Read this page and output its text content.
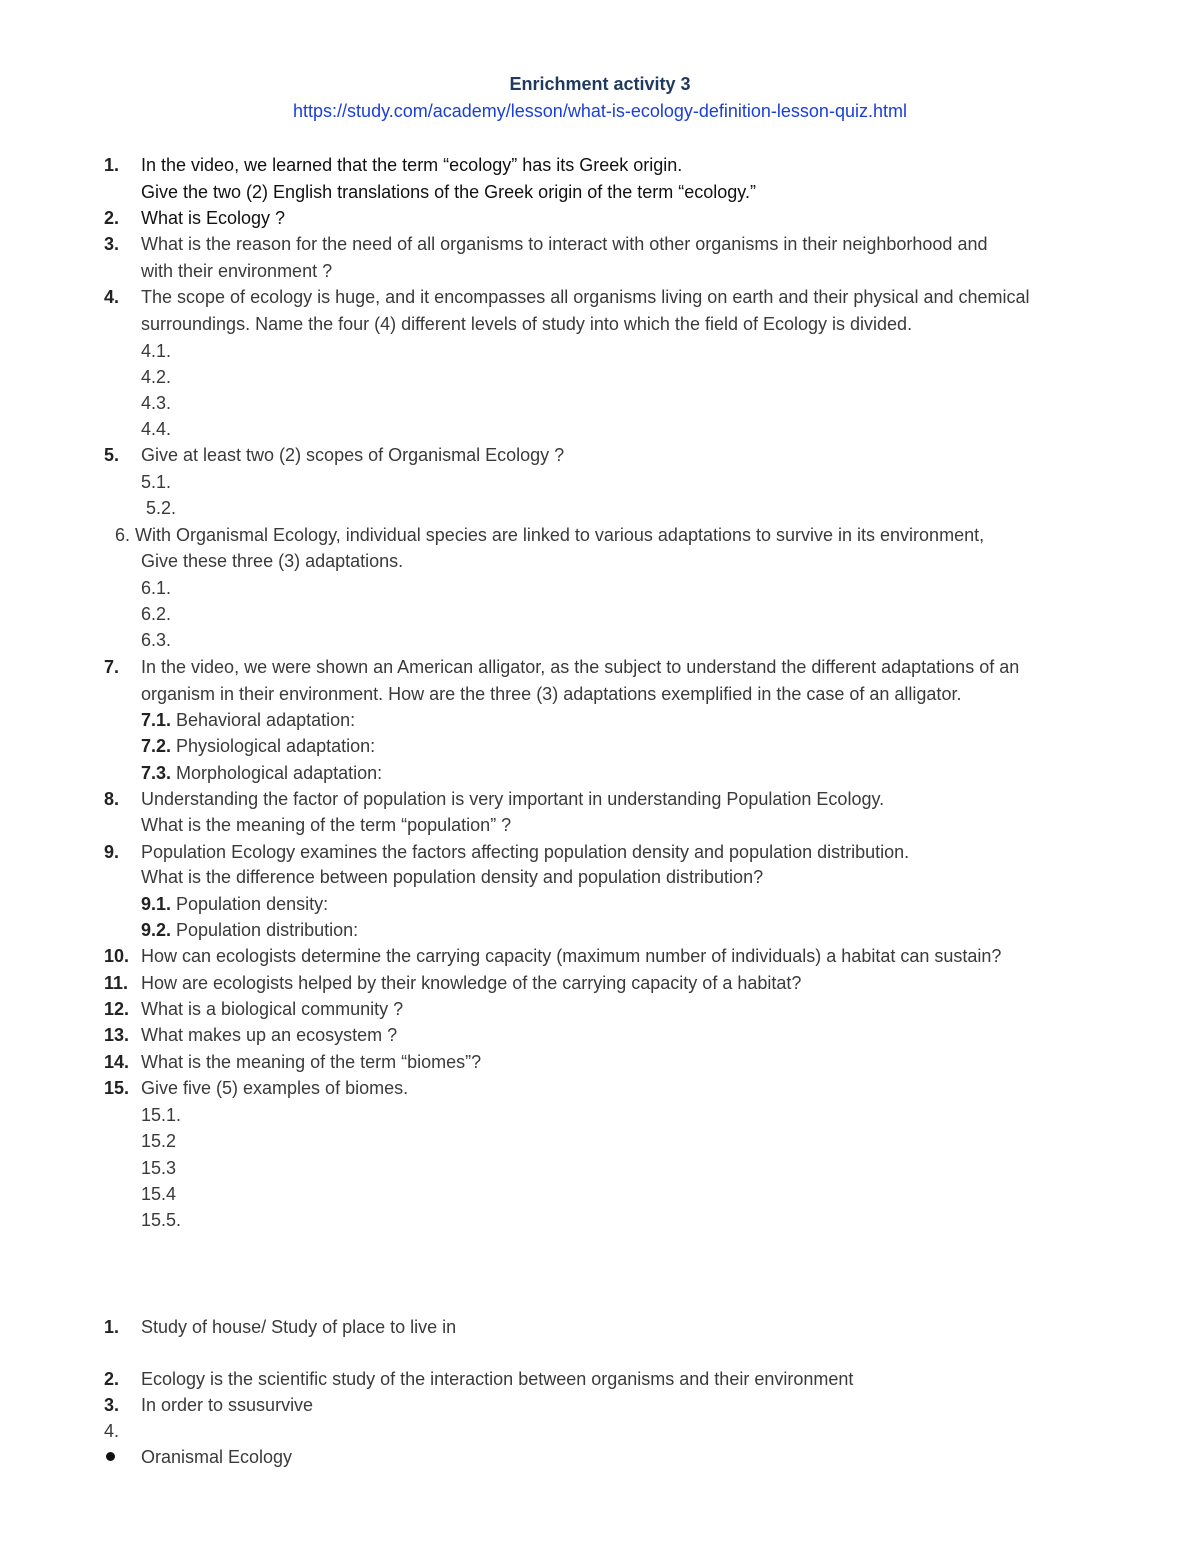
Enrichment activity 3
https://study.com/academy/lesson/what-is-ecology-definition-lesson-quiz.html
1. In the video, we learned that the term “ecology” has its Greek origin.
Give the two (2) English translations of the Greek origin of the term “ecology.”
2. What is Ecology ?
3. What is the reason for the need of all organisms to interact with other organisms in their neighborhood and
with their environment ?
4. The scope of ecology is huge, and it encompasses all organisms living on earth and their physical and chemical
surroundings. Name the four (4) different levels of study into which the field of Ecology is divided.
4.1.
4.2.
4.3.
4.4.
5. Give at least two (2) scopes of Organismal Ecology ?
5.1.
5.2.
6. With Organismal Ecology, individual species are linked to various adaptations to survive in its environment,
Give these three (3) adaptations.
6.1.
6.2.
6.3.
7. In the video, we were shown an American alligator, as the subject to understand the different adaptations of an
organism in their environment. How are the three (3) adaptations exemplified in the case of an alligator.
7.1. Behavioral adaptation:
7.2. Physiological adaptation:
7.3. Morphological adaptation:
8. Understanding the factor of population is very important in understanding Population Ecology.
What is the meaning of the term “population” ?
9. Population Ecology examines the factors affecting population density and population distribution.
What is the difference between population density and population distribution?
9.1. Population density:
9.2. Population distribution:
10. How can ecologists determine the carrying capacity (maximum number of individuals) a habitat can sustain?
11. How are ecologists helped by their knowledge of the carrying capacity of a habitat?
12. What is a biological community ?
13. What makes up an ecosystem ?
14. What is the meaning of the term “biomes”?
15. Give five (5) examples of biomes.
15.1.
15.2
15.3
15.4
15.5.
1. Study of house/ Study of place to live in
2. Ecology is the scientific study of the interaction between organisms and their environment
3. In order to ssusurvive
4.
Oranismal Ecology
